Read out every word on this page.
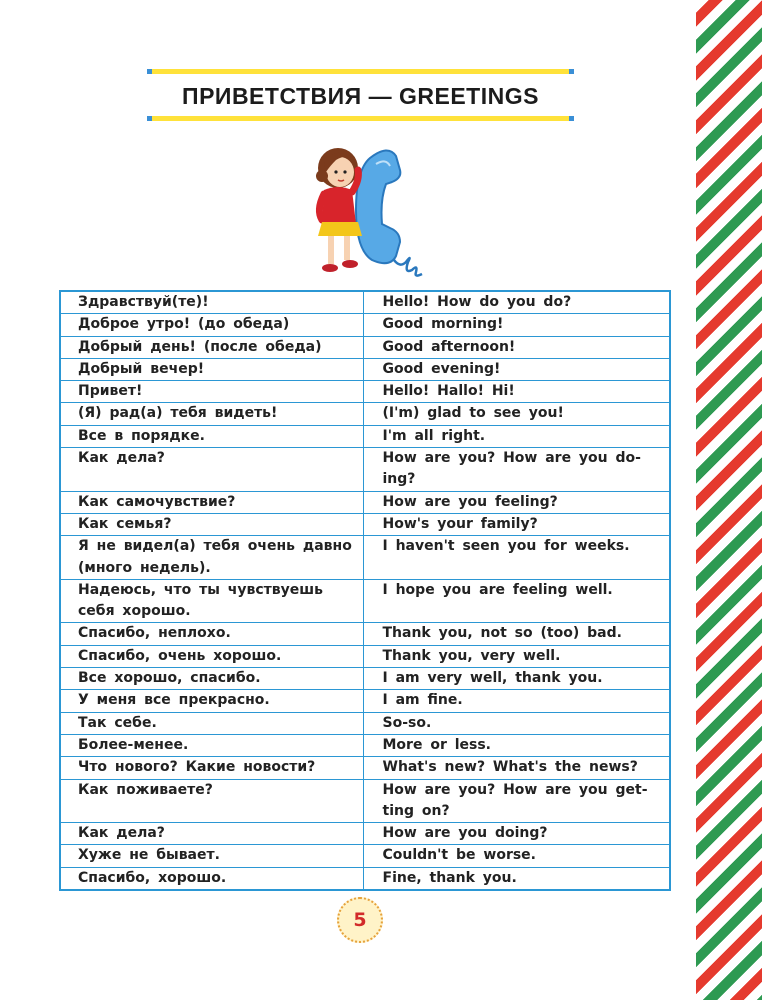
ПРИВЕТСТВИЯ — GREETINGS
Здравствуй(те)!	Hello! How do you do?
Доброе утро! (до обеда)	Good morning!
Добрый день! (после обеда)	Good afternoon!
Добрый вечер!	Good evening!
Привет!	Hello! Hallo! Hi!
(Я) рад(а) тебя видеть!	(I'm) glad to see you!
Все в порядке.	I'm all right.
Как дела?	How are you? How are you do-ing?
Как самочувствие?	How are you feeling?
Как семья?	How's your family?
Я не видел(а) тебя очень давно (много недель).	I haven't seen you for weeks.
Надеюсь, что ты чувствуешь себя хорошо.	I hope you are feeling well.
Спасибо, неплохо.	Thank you, not so (too) bad.
Спасибо, очень хорошо.	Thank you, very well.
Все хорошо, спасибо.	I am very well, thank you.
У меня все прекрасно.	I am fine.
Так себе.	So-so.
Более-менее.	More or less.
Что нового? Какие новости?	What's new? What's the news?
Как поживаете?	How are you? How are you get-ting on?
Как дела?	How are you doing?
Хуже не бывает.	Couldn't be worse.
Спасибо, хорошо.	Fine, thank you.
5
